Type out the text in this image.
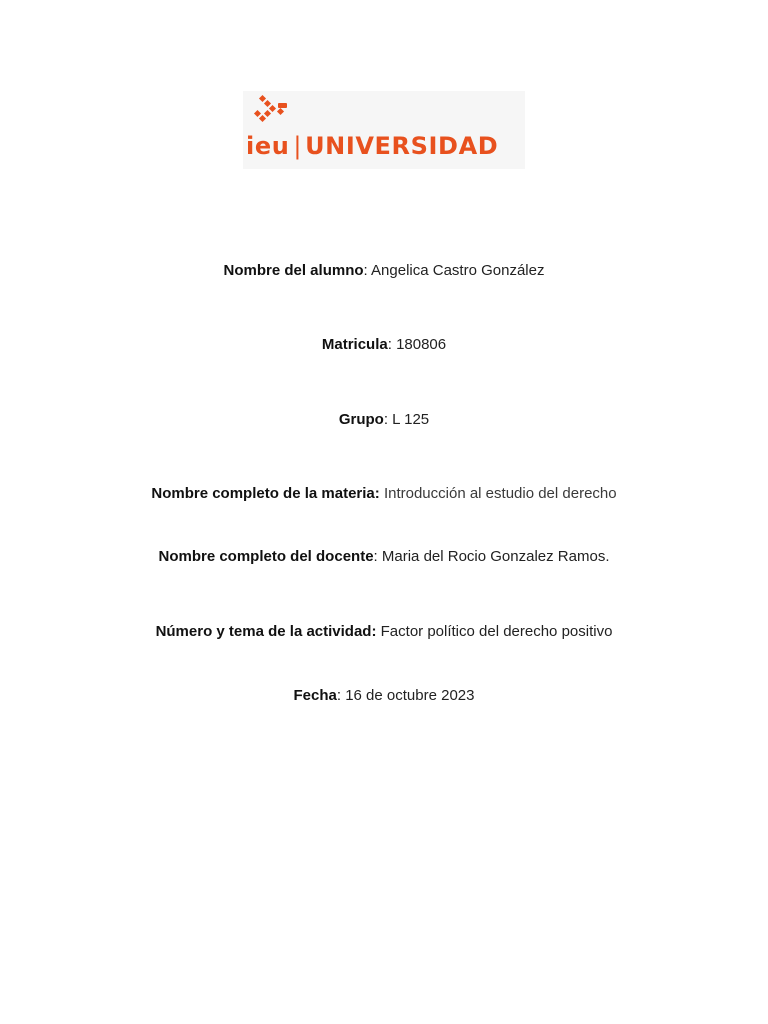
ieu | UNIVERSIDAD
Nombre del alumno: Angelica Castro González
Matricula: 180806
Grupo: L 125
Nombre completo de la materia: Introducción al estudio del derecho
Nombre completo del docente: Maria del Rocio Gonzalez Ramos.
Número y tema de la actividad: Factor político del derecho positivo
Fecha: 16 de octubre 2023
